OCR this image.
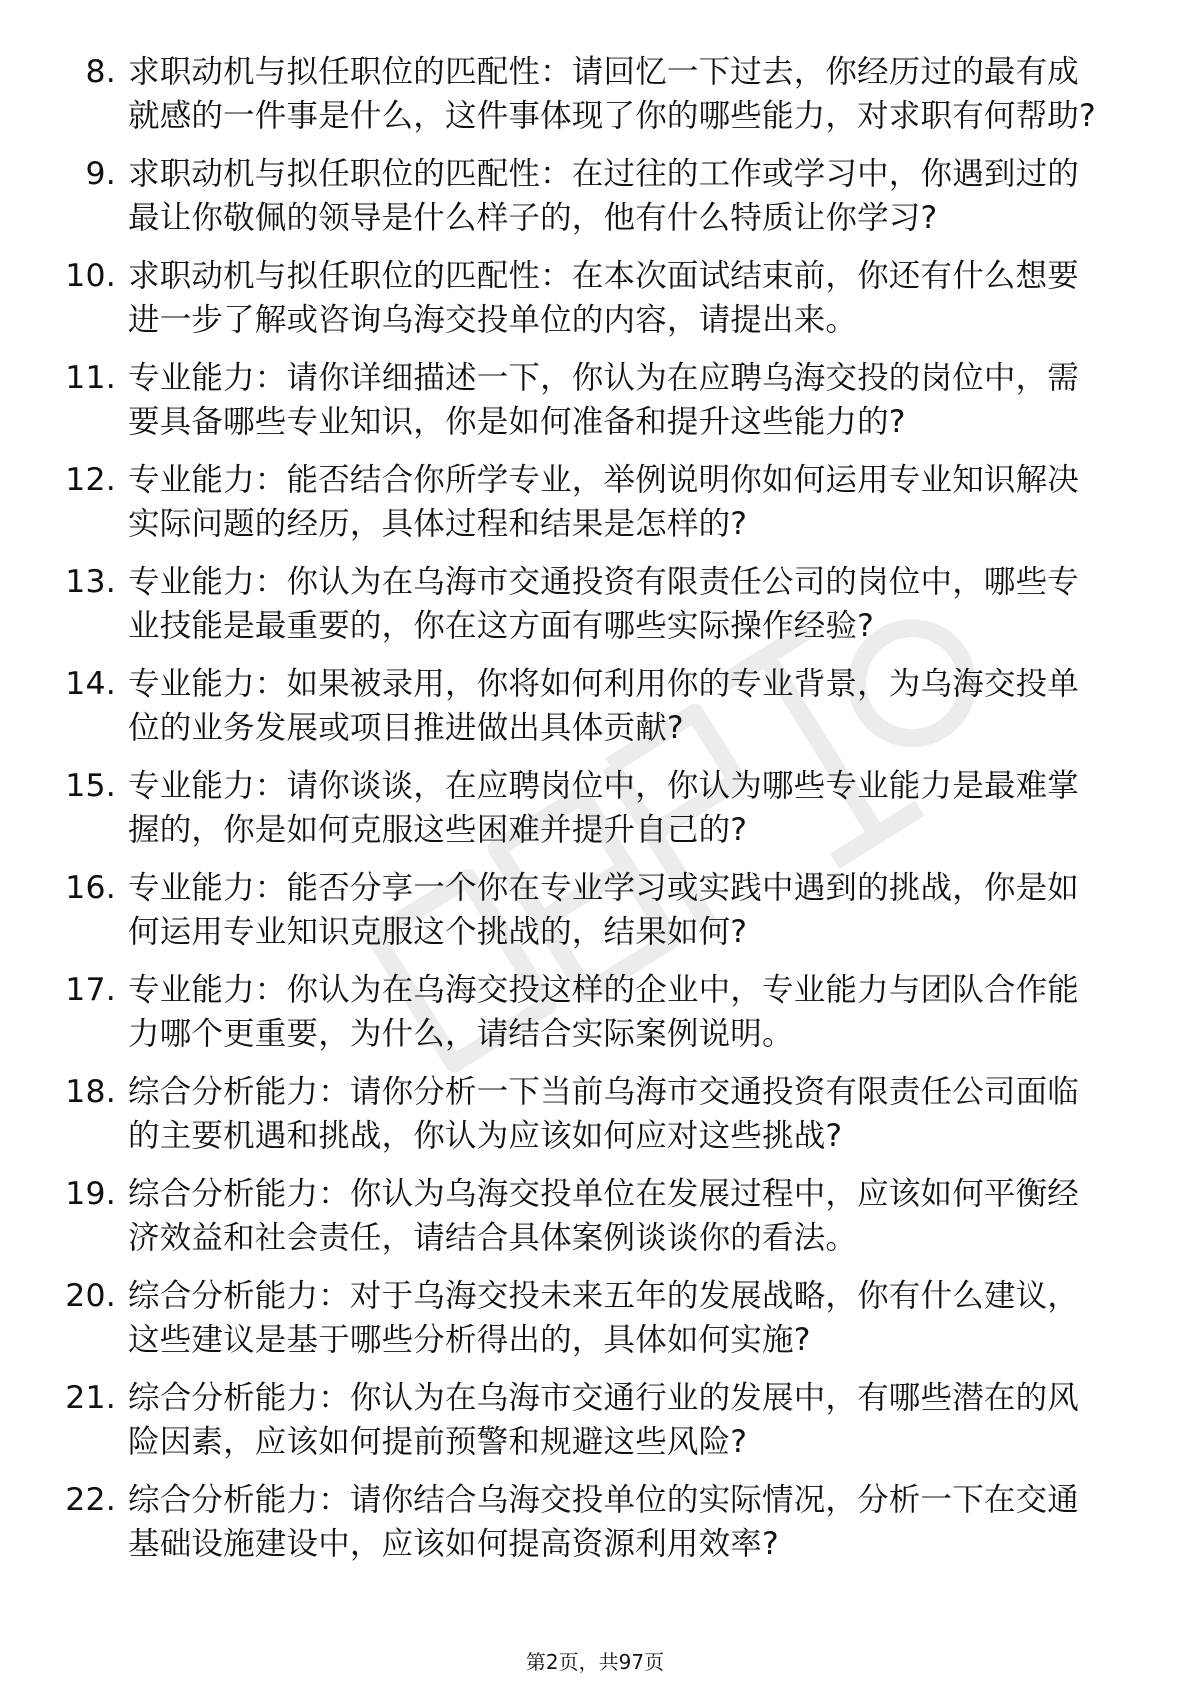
8. 求职动机与拟任职位的匹配性：请回忆一下过去，你经历过的最有成就感的一件事是什么，这件事体现了你的哪些能力，对求职有何帮助?
9. 求职动机与拟任职位的匹配性：在过往的工作或学习中，你遇到过的最让你敬佩的领导是什么样子的，他有什么特质让你学习?
10. 求职动机与拟任职位的匹配性：在本次面试结束前，你还有什么想要进一步了解或咨询乌海交投单位的内容，请提出来。
11. 专业能力：请你详细描述一下，你认为在应聘乌海交投的岗位中，需要具备哪些专业知识，你是如何准备和提升这些能力的?
12. 专业能力：能否结合你所学专业，举例说明你如何运用专业知识解决实际问题的经历，具体过程和结果是怎样的?
13. 专业能力：你认为在乌海市交通投资有限责任公司的岗位中，哪些专业技能是最重要的，你在这方面有哪些实际操作经验?
14. 专业能力：如果被录用，你将如何利用你的专业背景，为乌海交投单位的业务发展或项目推进做出具体贡献?
15. 专业能力：请你谈谈，在应聘岗位中，你认为哪些专业能力是最难掌握的，你是如何克服这些困难并提升自己的?
16. 专业能力：能否分享一个你在专业学习或实践中遇到的挑战，你是如何运用专业知识克服这个挑战的，结果如何?
17. 专业能力：你认为在乌海交投这样的企业中，专业能力与团队合作能力哪个更重要，为什么，请结合实际案例说明。
18. 综合分析能力：请你分析一下当前乌海市交通投资有限责任公司面临的主要机遇和挑战，你认为应该如何应对这些挑战?
19. 综合分析能力：你认为乌海交投单位在发展过程中，应该如何平衡经济效益和社会责任，请结合具体案例谈谈你的看法。
20. 综合分析能力：对于乌海交投未来五年的发展战略，你有什么建议，这些建议是基于哪些分析得出的，具体如何实施?
21. 综合分析能力：你认为在乌海市交通行业的发展中，有哪些潜在的风险因素，应该如何提前预警和规避这些风险?
22. 综合分析能力：请你结合乌海交投单位的实际情况，分析一下在交通基础设施建设中，应该如何提高资源利用效率?
第2页，共97页
